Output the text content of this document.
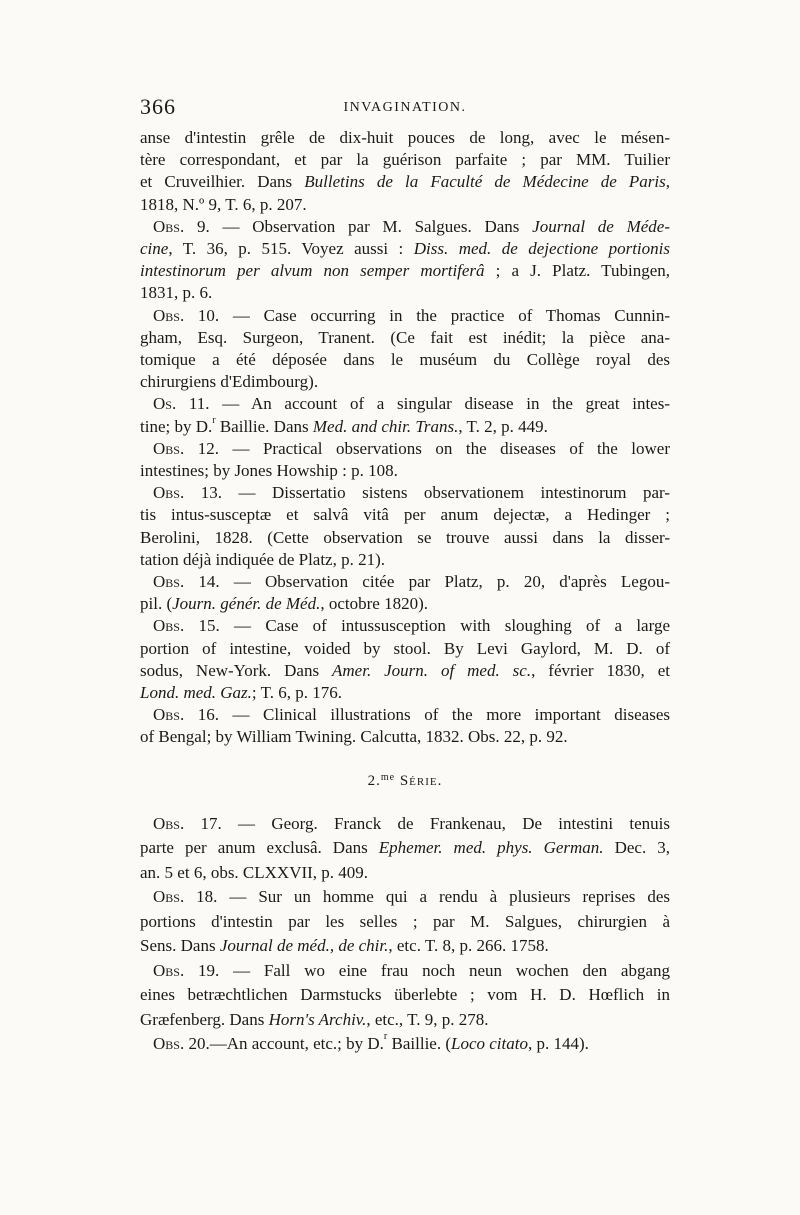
366	INVAGINATION.

anse d'intestin grêle de dix-huit pouces de long, avec le mésen-
tère correspondant, et par la guérison parfaite ; par MM. Tuilier
et Cruveilhier. Dans Bulletins de la Faculté de Médecine de Paris,
1818, N.º 9, T. 6, p. 207.

Obs. 9. — Observation par M. Salgues. Dans Journal de Méde-
cine, T. 36, p. 515. Voyez aussi : Diss. med. de dejectione portionis
intestinorum per alvum non semper mortiferâ ; a J. Platz. Tubingen,
1831, p. 6.

Obs. 10. — Case occurring in the practice of Thomas Cunnin-
gham, Esq. Surgeon, Tranent. (Ce fait est inédit; la pièce ana-
tomique a été déposée dans le muséum du Collège royal des
chirurgiens d'Edimbourg).

Os. 11. — An account of a singular disease in the great intes-
tine; by D.$^r$ Baillie. Dans Med. and chir. Trans., T. 2, p. 449.

Obs. 12. — Practical observations on the diseases of the lower
intestines; by Jones Howship : p. 108.

Obs. 13. — Dissertatio sistens observationem intestinorum par-
tis intus-susceptæ et salvâ vitâ per anum dejectæ, a Hedinger ;
Berolini, 1828. (Cette observation se trouve aussi dans la disser-
tation déjà indiquée de Platz, p. 21).

Obs. 14. — Observation citée par Platz, p. 20, d'après Legou-
pil. (Journ. génér. de Méd., octobre 1820).

Obs. 15. — Case of intussusception with sloughing of a large
portion of intestine, voided by stool. By Levi Gaylord, M. D. of
sodus, New-York. Dans Amer. Journ. of med. sc., février 1830, et
Lond. med. Gaz.; T. 6, p. 176.

Obs. 16. — Clinical illustrations of the more important diseases
of Bengal; by William Twining. Calcutta, 1832. Obs. 22, p. 92.

2.$^{me}$ Série.

Obs. 17. — Georg. Franck de Frankenau, De intestini tenuis
parte per anum exclusâ. Dans Ephemer. med. phys. German. Dec. 3,
an. 5 et 6, obs. CLXXVII, p. 409.

Obs. 18. — Sur un homme qui a rendu à plusieurs reprises des
portions d'intestin par les selles ; par M. Salgues, chirurgien à
Sens. Dans Journal de méd., de chir., etc. T. 8, p. 266. 1758.

Obs. 19. — Fall wo eine frau noch neun wochen den abgang
eines betræchtlichen Darmstucks überlebte ; vom H. D. Hœflich in
Græfenberg. Dans Horn's Archiv., etc., T. 9, p. 278.

Obs. 20.—An account, etc.; by D.$^r$ Baillie. (Loco citato, p. 144).
